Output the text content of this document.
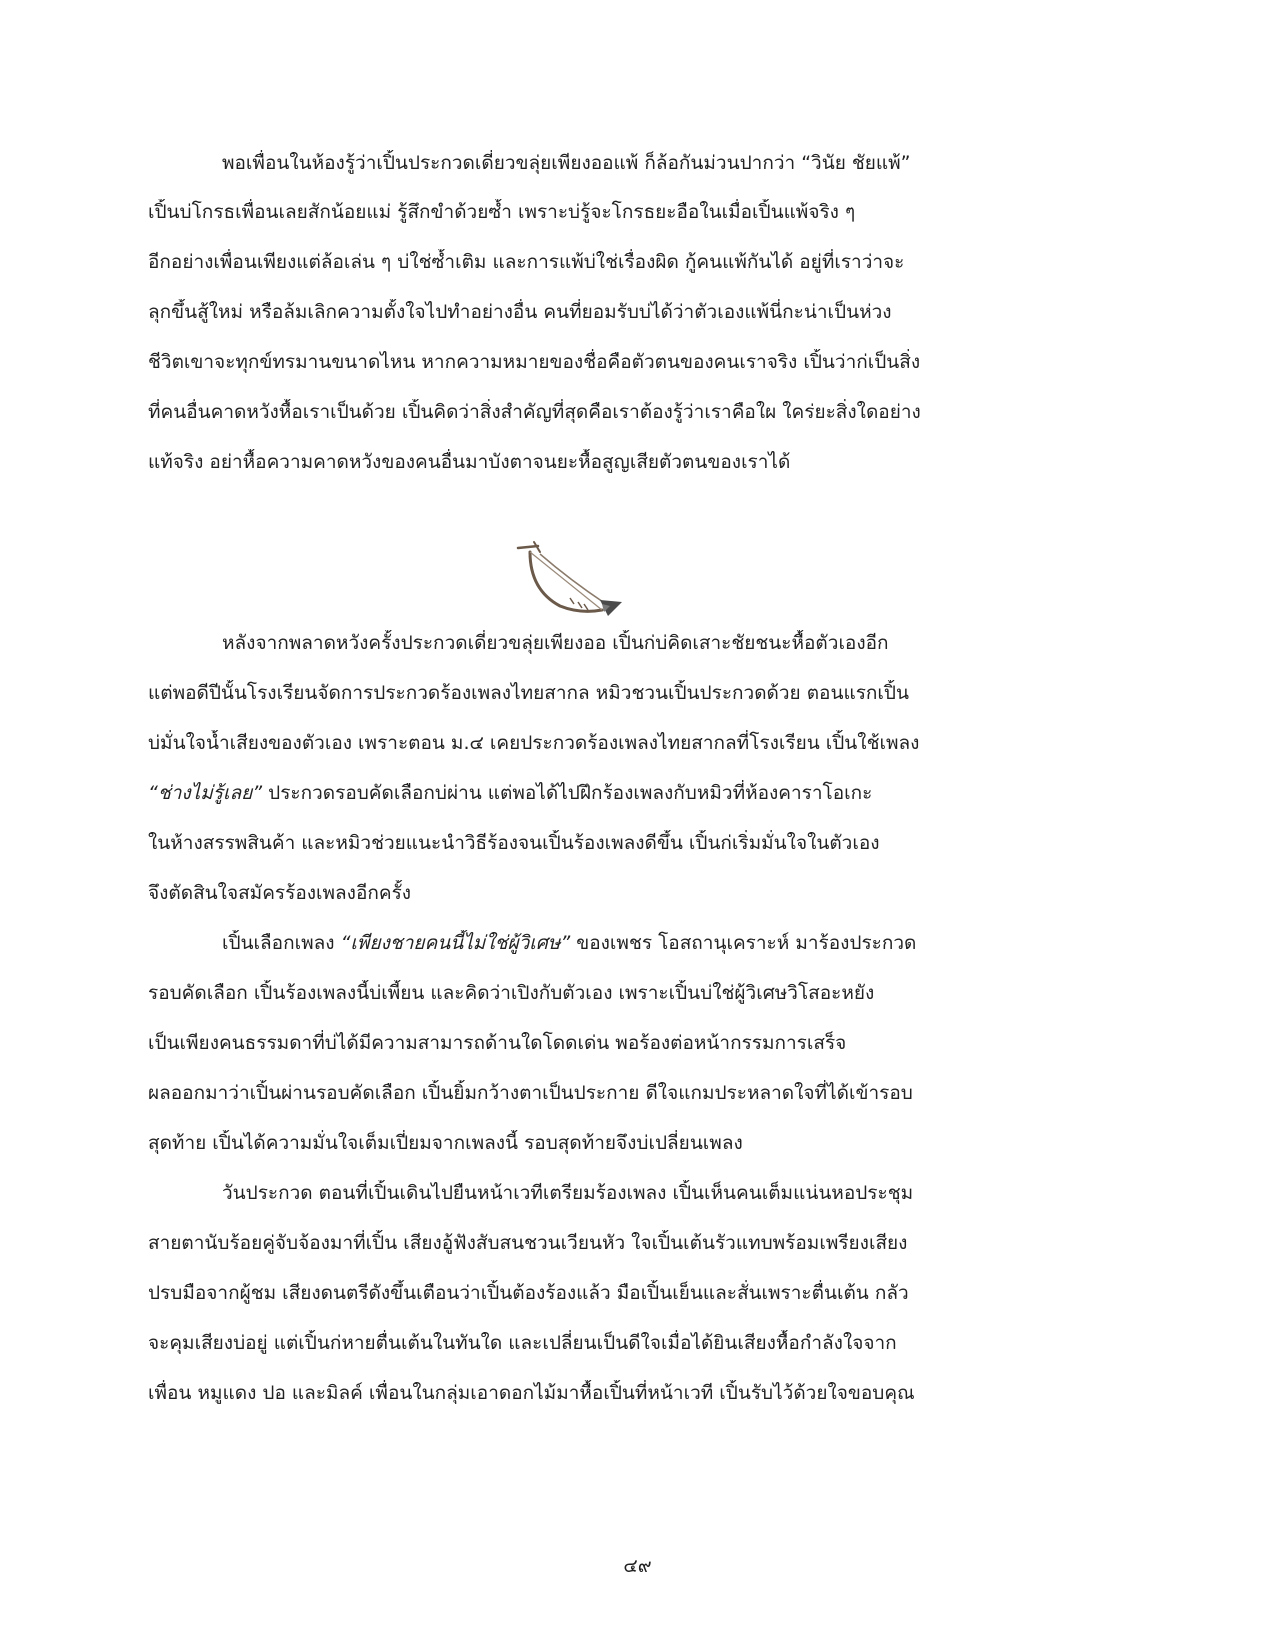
พอเพื่อนในห้องรู้ว่าเปิ้นประกวดเดี่ยวขลุ่ยเพียงออแพ้ ก็ล้อกันม่วนปากว่า “วินัย ชัยแพ้”
เปิ้นบ่โกรธเพื่อนเลยสักน้อยแม่ รู้สึกขำด้วยซ้ำ เพราะบ่รู้จะโกรธยะอือในเมื่อเปิ้นแพ้จริง ๆ
อีกอย่างเพื่อนเพียงแต่ล้อเล่น ๆ บ่ใช่ซ้ำเติม และการแพ้บ่ใช่เรื่องผิด กู้คนแพ้กันได้ อยู่ที่เราว่าจะ
ลุกขึ้นสู้ใหม่ หรือล้มเลิกความตั้งใจไปทำอย่างอื่น คนที่ยอมรับบ่ได้ว่าตัวเองแพ้นี่กะน่าเป็นห่วง
ชีวิตเขาจะทุกข์ทรมานขนาดไหน หากความหมายของชื่อคือตัวตนของคนเราจริง เปิ้นว่าก่เป็นสิ่ง
ที่คนอื่นคาดหวังหื้อเราเป็นด้วย เปิ้นคิดว่าสิ่งสำคัญที่สุดคือเราต้องรู้ว่าเราคือใผ ใคร่ยะสิ่งใดอย่าง
แท้จริง อย่าหื้อความคาดหวังของคนอื่นมาบังตาจนยะหื้อสูญเสียตัวตนของเราได้
หลังจากพลาดหวังครั้งประกวดเดี่ยวขลุ่ยเพียงออ เปิ้นก่บ่คิดเสาะชัยชนะหื้อตัวเองอีก
แต่พอดีปีนั้นโรงเรียนจัดการประกวดร้องเพลงไทยสากล หมิวชวนเปิ้นประกวดด้วย ตอนแรกเปิ้น
บ่มั่นใจน้ำเสียงของตัวเอง เพราะตอน ม.๔ เคยประกวดร้องเพลงไทยสากลที่โรงเรียน เปิ้นใช้เพลง
“ช่างไม่รู้เลย” ประกวดรอบคัดเลือกบ่ผ่าน แต่พอได้ไปฝึกร้องเพลงกับหมิวที่ห้องคาราโอเกะ
ในห้างสรรพสินค้า และหมิวช่วยแนะนำวิธีร้องจนเปิ้นร้องเพลงดีขึ้น เปิ้นก่เริ่มมั่นใจในตัวเอง
จึงตัดสินใจสมัครร้องเพลงอีกครั้ง
เปิ้นเลือกเพลง “เพียงชายคนนี้ไม่ใช่ผู้วิเศษ” ของเพชร โอสถานุเคราะห์ มาร้องประกวด
รอบคัดเลือก เปิ้นร้องเพลงนี้บ่เพี้ยน และคิดว่าเปิงกับตัวเอง เพราะเปิ้นบ่ใช่ผู้วิเศษวิโสอะหยัง
เป็นเพียงคนธรรมดาที่บ่ได้มีความสามารถด้านใดโดดเด่น พอร้องต่อหน้ากรรมการเสร็จ
ผลออกมาว่าเปิ้นผ่านรอบคัดเลือก เปิ้นยิ้มกว้างตาเป็นประกาย ดีใจแกมประหลาดใจที่ได้เข้ารอบ
สุดท้าย เปิ้นได้ความมั่นใจเต็มเปี่ยมจากเพลงนี้ รอบสุดท้ายจึงบ่เปลี่ยนเพลง
วันประกวด ตอนที่เปิ้นเดินไปยืนหน้าเวทีเตรียมร้องเพลง เปิ้นเห็นคนเต็มแน่นหอประชุม
สายตานับร้อยคู่จับจ้องมาที่เปิ้น เสียงอู้ฟังสับสนชวนเวียนหัว ใจเปิ้นเต้นรัวแทบพร้อมเพรียงเสียง
ปรบมือจากผู้ชม เสียงดนตรีดังขึ้นเตือนว่าเปิ้นต้องร้องแล้ว มือเปิ้นเย็นและสั่นเพราะตื่นเต้น กลัว
จะคุมเสียงบ่อยู่ แต่เปิ้นก่หายตื่นเต้นในทันใด และเปลี่ยนเป็นดีใจเมื่อได้ยินเสียงหื้อกำลังใจจาก
เพื่อน หมูแดง ปอ และมิลค์ เพื่อนในกลุ่มเอาดอกไม้มาหื้อเปิ้นที่หน้าเวที เปิ้นรับไว้ด้วยใจขอบคุณ
๔๙
